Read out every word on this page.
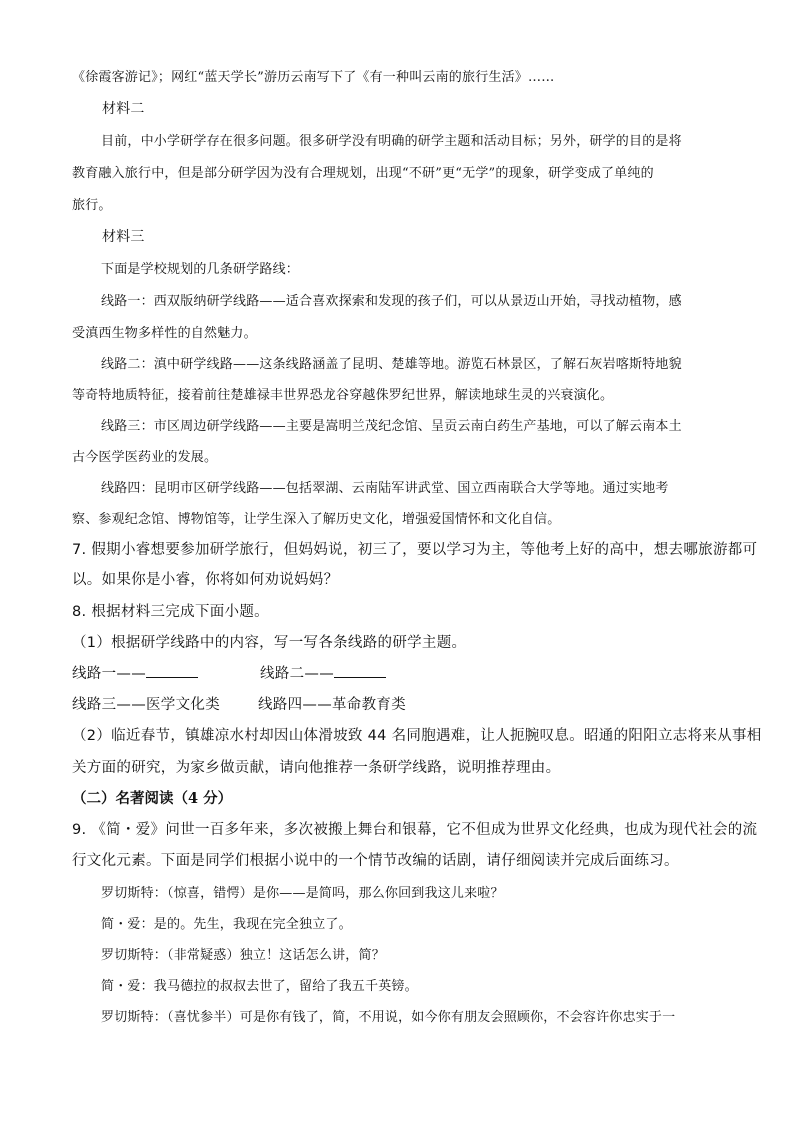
《徐霞客游记》；网红“蓝天学长”游历云南写下了《有一种叫云南的旅行生活》……
材料二
目前，中小学研学存在很多问题。很多研学没有明确的研学主题和活动目标；另外，研学的目的是将
教育融入旅行中，但是部分研学因为没有合理规划，出现“不研”更“无学”的现象，研学变成了单纯的
旅行。
材料三
下面是学校规划的几条研学路线：
线路一：西双版纳研学线路——适合喜欢探索和发现的孩子们，可以从景迈山开始，寻找动植物，感
受滇西生物多样性的自然魅力。
线路二：滇中研学线路——这条线路涵盖了昆明、楚雄等地。游览石林景区，了解石灰岩喀斯特地貌
等奇特地质特征，接着前往楚雄禄丰世界恐龙谷穿越侏罗纪世界，解读地球生灵的兴衰演化。
线路三：市区周边研学线路——主要是嵩明兰茂纪念馆、呈贡云南白药生产基地，可以了解云南本土
古今医学医药业的发展。
线路四：昆明市区研学线路——包括翠湖、云南陆军讲武堂、国立西南联合大学等地。通过实地考
察、参观纪念馆、博物馆等，让学生深入了解历史文化，增强爱国情怀和文化自信。
7. 假期小睿想要参加研学旅行，但妈妈说，初三了，要以学习为主，等他考上好的高中，想去哪旅游都可
以。如果你是小睿，你将如何劝说妈妈？
8. 根据材料三完成下面小题。
（1）根据研学线路中的内容，写一写各条线路的研学主题。
线路一——	线路二——
线路三——医学文化类	线路四——革命教育类
（2）临近春节，镇雄凉水村却因山体滑坡致 44 名同胞遇难，让人扼腕叹息。昭通的阳阳立志将来从事相
关方面的研究，为家乡做贡献，请向他推荐一条研学线路，说明推荐理由。
（二）名著阅读（4 分）
9. 《简・爱》问世一百多年来，多次被搬上舞台和银幕，它不但成为世界文化经典，也成为现代社会的流
行文化元素。下面是同学们根据小说中的一个情节改编的话剧，请仔细阅读并完成后面练习。
罗切斯特：（惊喜，错愕）是你——是简吗，那么你回到我这儿来啦？
简・爱：是的。先生，我现在完全独立了。
罗切斯特：（非常疑惑）独立！这话怎么讲，简？
简・爱：我马德拉的叔叔去世了，留给了我五千英镑。
罗切斯特：（喜忧参半）可是你有钱了，简，不用说，如今你有朋友会照顾你，不会容许你忠实于一
